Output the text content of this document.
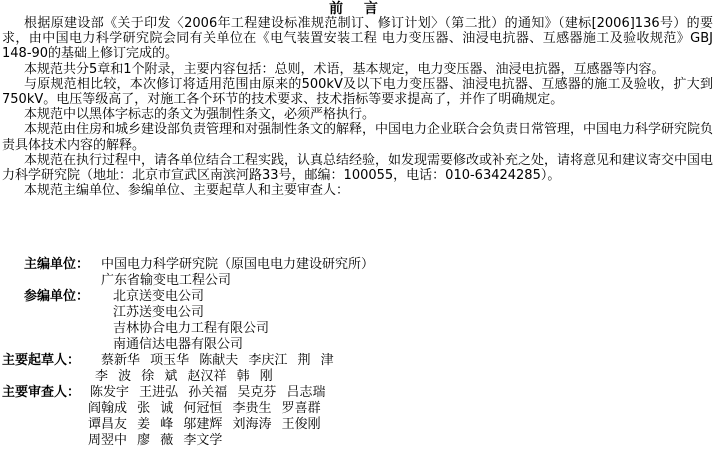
前 言

根据原建设部《关于印发〈2006年工程建设标准规范制订、修订计划〉（第二批）的通知》（建标[2006]136号）的要求，由中国电力科学研究院会同有关单位在《电气装置安装工程 电力变压器、油浸电抗器、互感器施工及验收规范》GBJ 148-90的基础上修订完成的。

本规范共分5章和1个附录，主要内容包括：总则，术语，基本规定，电力变压器、油浸电抗器，互感器等内容。

与原规范相比较，本次修订将适用范围由原来的500kV及以下电力变压器、油浸电抗器、互感器的施工及验收，扩大到750kV。电压等级高了，对施工各个环节的技术要求、技术指标等要求提高了，并作了明确规定。

本规范中以黑体字标志的条文为强制性条文，必须严格执行。

本规范由住房和城乡建设部负责管理和对强制性条文的解释，中国电力企业联合会负责日常管理，中国电力科学研究院负责具体技术内容的解释。

本规范在执行过程中，请各单位结合工程实践，认真总结经验，如发现需要修改或补充之处，请将意见和建议寄交中国电力科学研究院（地址：北京市宣武区南滨河路33号，邮编：100055，电话：010-63424285）。

本规范主编单位、参编单位、主要起草人和主要审查人：

主编单位： 中国电力科学研究院（原国电电力建设研究所）
广东省输变电工程公司
参编单位： 北京送变电公司
江苏送变电公司
吉林协合电力工程有限公司
南通信达电器有限公司
主要起草人： 蔡新华 项玉华 陈献夫 李庆江 荆 津
李 波 徐 斌 赵汉祥 韩 刚
主要审查人： 陈发宇 王进弘 孙关福 吴克芬 吕志瑞
阎翰成 张 诚 何冠恒 李贵生 罗喜群
谭昌友 姜 峰 邬建辉 刘海涛 王俊刚
周翌中 廖 薇 李文学
